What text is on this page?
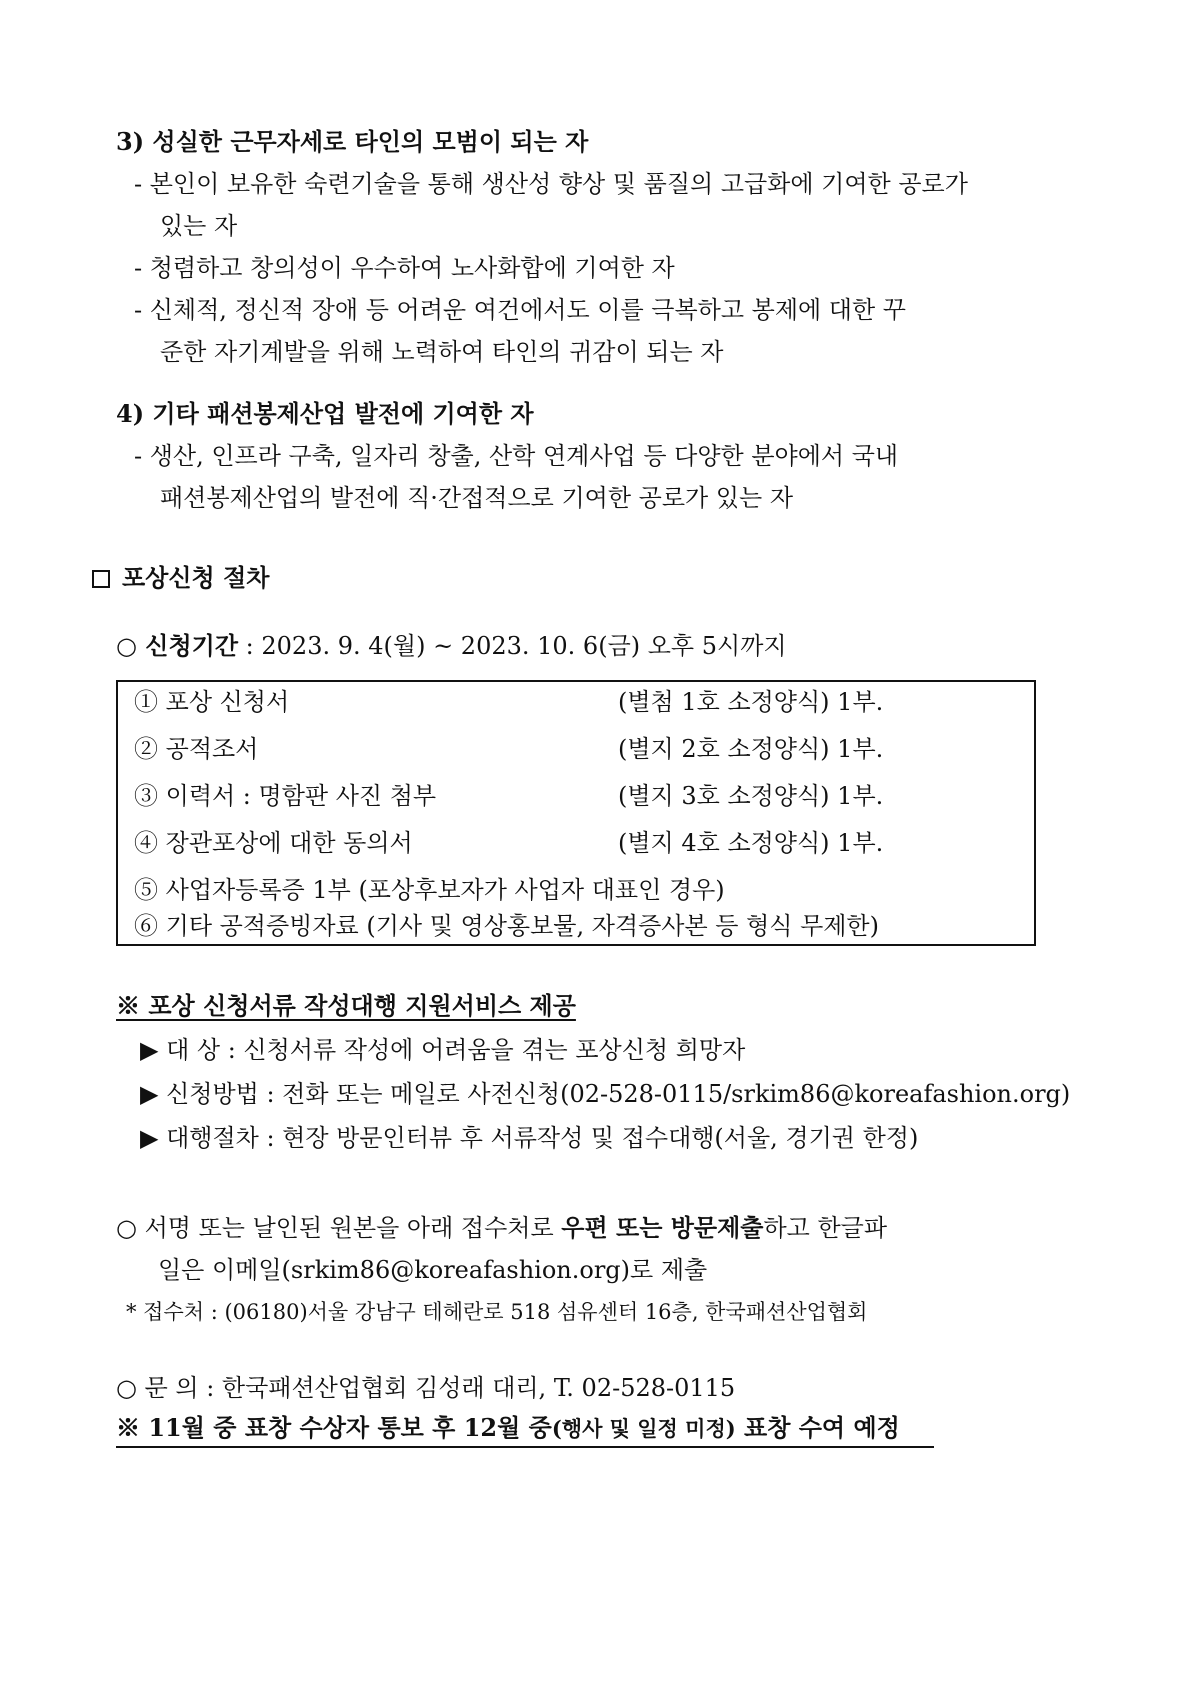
3) 성실한 근무자세로 타인의 모범이 되는 자
- 본인이 보유한 숙련기술을 통해 생산성 향상 및 품질의 고급화에 기여한 공로가
있는 자
- 청렴하고 창의성이 우수하여 노사화합에 기여한 자
- 신체적, 정신적 장애 등 어려운 여건에서도 이를 극복하고 봉제에 대한 꾸
준한 자기계발을 위해 노력하여 타인의 귀감이 되는 자
4) 기타 패션봉제산업 발전에 기여한 자
- 생산, 인프라 구축, 일자리 창출, 산학 연계사업 등 다양한 분야에서 국내
패션봉제산업의 발전에 직·간접적으로 기여한 공로가 있는 자
포상신청 절차
○ 신청기간 : 2023. 9. 4(월) ~ 2023. 10. 6(금) 오후 5시까지
① 포상 신청서	(별첨 1호 소정양식) 1부.
② 공적조서	(별지 2호 소정양식) 1부.
③ 이력서 : 명함판 사진 첨부	(별지 3호 소정양식) 1부.
④ 장관포상에 대한 동의서	(별지 4호 소정양식) 1부.
⑤ 사업자등록증 1부 (포상후보자가 사업자 대표인 경우)
⑥ 기타 공적증빙자료 (기사 및 영상홍보물, 자격증사본 등 형식 무제한)
※ 포상 신청서류 작성대행 지원서비스 제공
▶ 대 상 : 신청서류 작성에 어려움을 겪는 포상신청 희망자
▶ 신청방법 : 전화 또는 메일로 사전신청(02-528-0115/srkim86@koreafashion.org)
▶ 대행절차 : 현장 방문인터뷰 후 서류작성 및 접수대행(서울, 경기권 한정)
○ 서명 또는 날인된 원본을 아래 접수처로 우편 또는 방문제출하고 한글파
일은 이메일(srkim86@koreafashion.org)로 제출
* 접수처 : (06180)서울 강남구 테헤란로 518 섬유센터 16층, 한국패션산업협회
○ 문 의 : 한국패션산업협회 김성래 대리, T. 02-528-0115
※ 11월 중 표창 수상자 통보 후 12월 중(행사 및 일정 미정) 표창 수여 예정
